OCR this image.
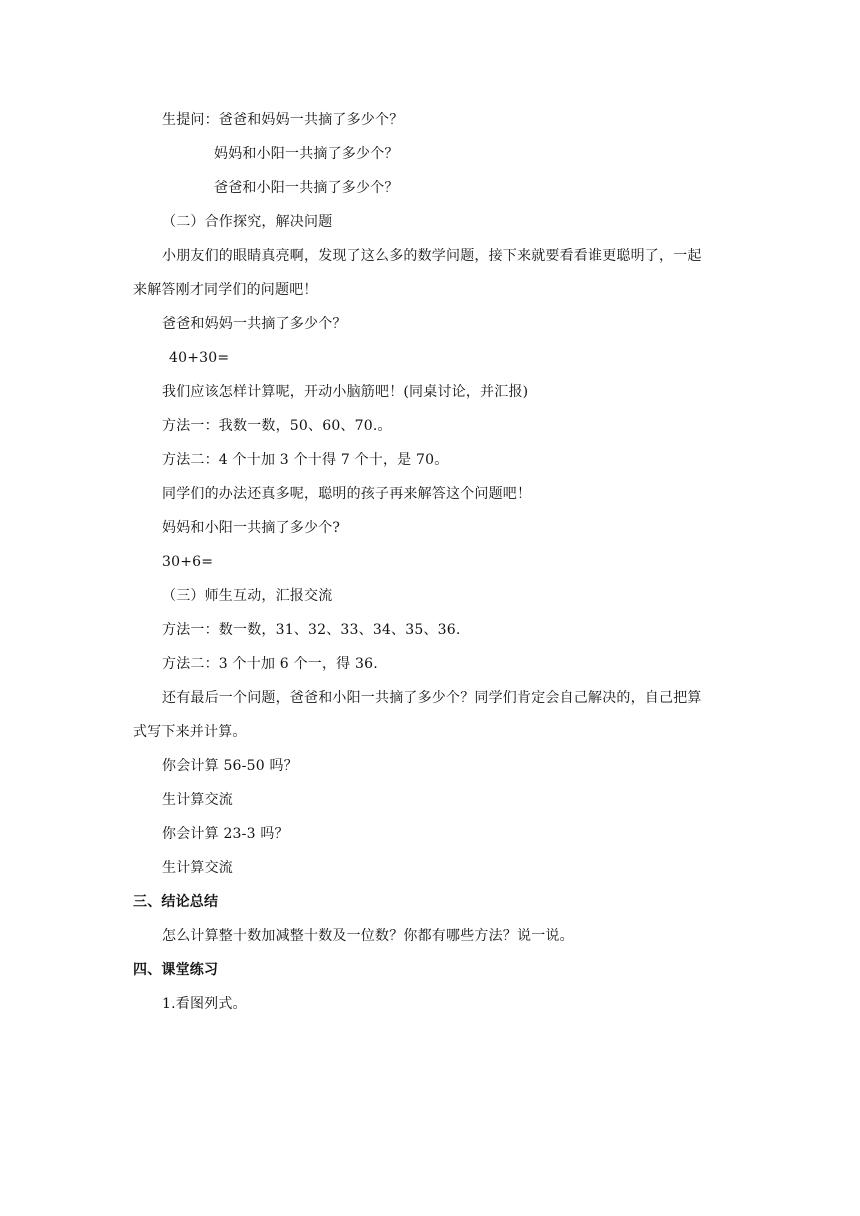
生提问：爸爸和妈妈一共摘了多少个？
妈妈和小阳一共摘了多少个？
爸爸和小阳一共摘了多少个？
（二）合作探究，解决问题
小朋友们的眼睛真亮啊，发现了这么多的数学问题，接下来就要看看谁更聪明了，一起
来解答刚才同学们的问题吧！
爸爸和妈妈一共摘了多少个？
40+30=
我们应该怎样计算呢，开动小脑筋吧！(同桌讨论，并汇报)
方法一：我数一数，50、60、70.。
方法二：4 个十加 3 个十得 7 个十，是 70。
同学们的办法还真多呢，聪明的孩子再来解答这个问题吧！
妈妈和小阳一共摘了多少个?
30+6=
（三）师生互动，汇报交流
方法一：数一数，31、32、33、34、35、36.
方法二：3 个十加 6 个一，得 36.
还有最后一个问题，爸爸和小阳一共摘了多少个？同学们肯定会自己解决的，自己把算
式写下来并计算。
你会计算 56-50 吗？
生计算交流
你会计算 23-3 吗？
生计算交流
三、结论总结
怎么计算整十数加减整十数及一位数？你都有哪些方法？说一说。
四、课堂练习
1.看图列式。
